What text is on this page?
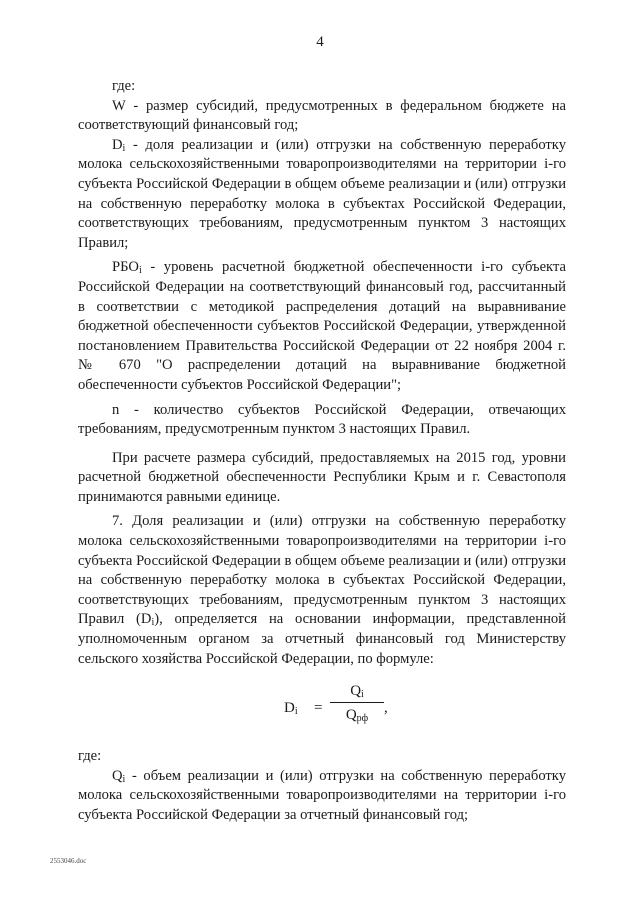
4

где:

W - размер субсидий, предусмотренных в федеральном бюджете на соответствующий финансовый год;

$D_i$ - доля реализации и (или) отгрузки на собственную переработку молока сельскохозяйственными товаропроизводителями на территории i-го субъекта Российской Федерации в общем объеме реализации и (или) отгрузки на собственную переработку молока в субъектах Российской Федерации, соответствующих требованиям, предусмотренным пунктом 3 настоящих Правил;

$РБО_i$ - уровень расчетной бюджетной обеспеченности i-го субъекта Российской Федерации на соответствующий финансовый год, рассчитанный в соответствии с методикой распределения дотаций на выравнивание бюджетной обеспеченности субъектов Российской Федерации, утвержденной постановлением Правительства Российской Федерации от 22 ноября 2004 г. № 670 "О распределении дотаций на выравнивание бюджетной обеспеченности субъектов Российской Федерации";

n - количество субъектов Российской Федерации, отвечающих требованиям, предусмотренным пунктом 3 настоящих Правил.

При расчете размера субсидий, предоставляемых на 2015 год, уровни расчетной бюджетной обеспеченности Республики Крым и г. Севастополя принимаются равными единице.

7. Доля реализации и (или) отгрузки на собственную переработку молока сельскохозяйственными товаропроизводителями на территории i-го субъекта Российской Федерации в общем объеме реализации и (или) отгрузки на собственную переработку молока в субъектах Российской Федерации, соответствующих требованиям, предусмотренным пунктом 3 настоящих Правил $(D_i)$, определяется на основании информации, представленной уполномоченным органом за отчетный финансовый год Министерству сельского хозяйства Российской Федерации, по формуле:

$D_i$ =
$Q_i$
$Q_{рф}$
,

где:

$Q_i$ - объем реализации и (или) отгрузки на собственную переработку молока сельскохозяйственными товаропроизводителями на территории i-го субъекта Российской Федерации за отчетный финансовый год;

2553046.doc
